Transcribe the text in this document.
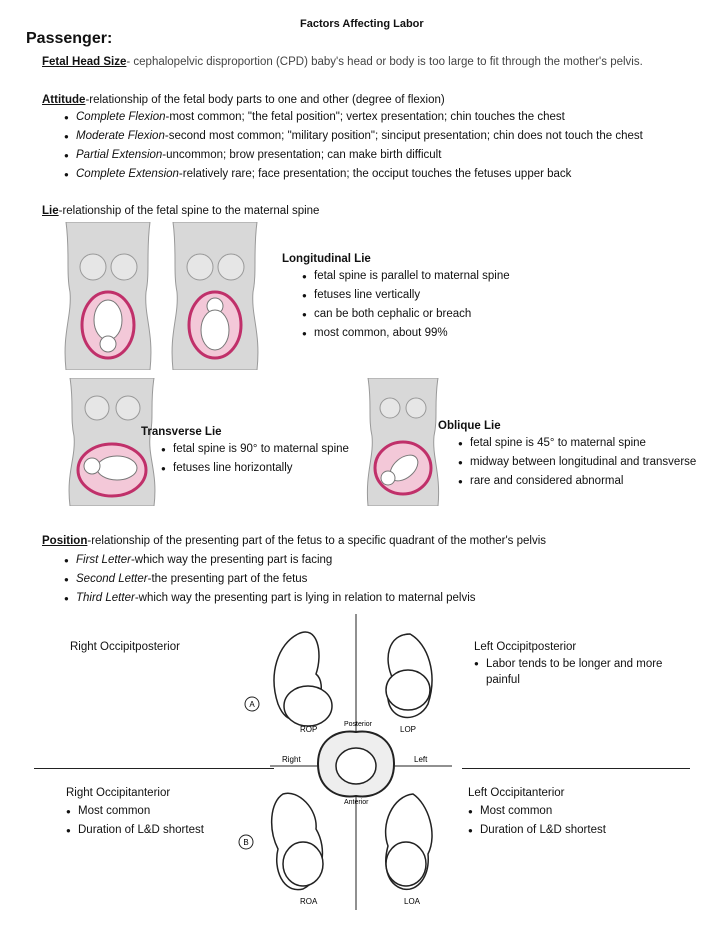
Factors Affecting Labor
Passenger:
Fetal Head Size- cephalopelvic disproportion (CPD) baby's head or body is too large to fit through the mother's pelvis.
Attitude-relationship of the fetal body parts to one and other (degree of flexion)
● Complete Flexion-most common; "the fetal position"; vertex presentation; chin touches the chest
● Moderate Flexion-second most common; "military position"; sinciput presentation; chin does not touch the chest
● Partial Extension-uncommon; brow presentation; can make birth difficult
● Complete Extension-relatively rare; face presentation; the occiput touches the fetuses upper back
Lie-relationship of the fetal spine to the maternal spine
Longitudinal Lie
● fetal spine is parallel to maternal spine
● fetuses line vertically
● can be both cephalic or breach
● most common, about 99%
Transverse Lie
● fetal spine is 90° to maternal spine
● fetuses line horizontally
Oblique Lie
● fetal spine is 45° to maternal spine
● midway between longitudinal and transverse
● rare and considered abnormal
Position-relationship of the presenting part of the fetus to a specific quadrant of the mother's pelvis
● First Letter-which way the presenting part is facing
● Second Letter-the presenting part of the fetus
● Third Letter-which way the presenting part is lying in relation to maternal pelvis
Right Occipitposterior	Left Occipitposterior
● Labor tends to be longer and more painful
A
ROP	LOP
Posterior
Anterior
Right	Left
B
ROA	LOA
Right Occipitanterior
● Most common
● Duration of L&D shortest
Left Occipitanterior
● Most common
● Duration of L&D shortest
